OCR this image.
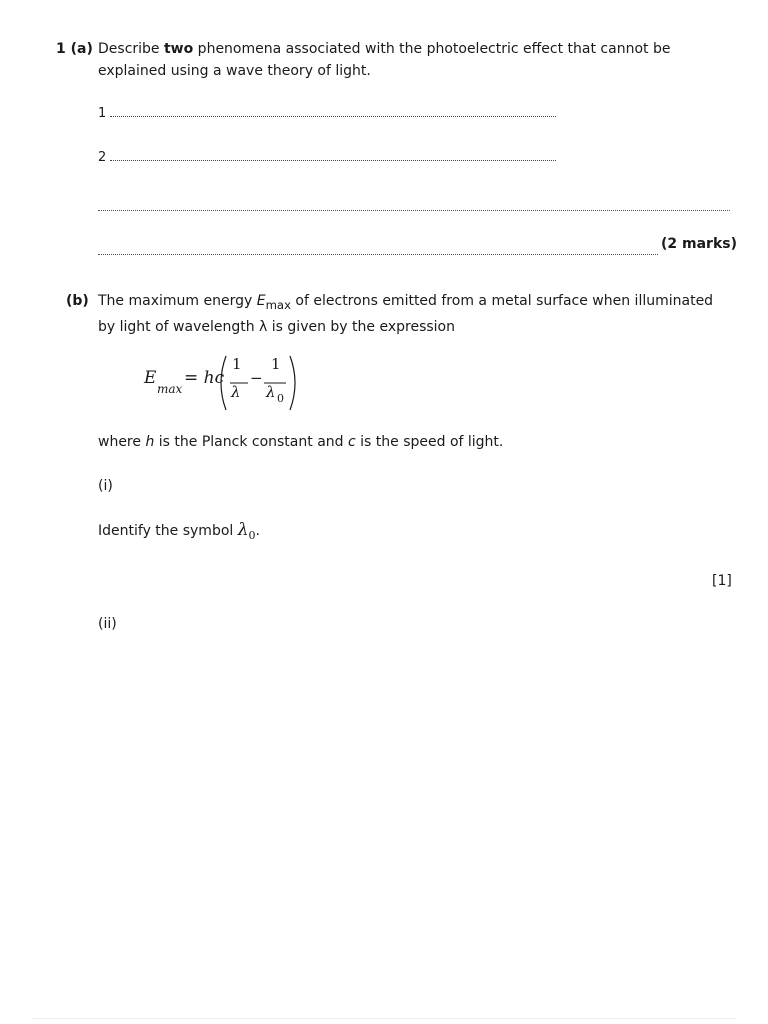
1 (a) Describe two phenomena associated with the photoelectric effect that cannot be explained using a wave theory of light.
1
2
(2 marks)
(b) The maximum energy $E_{max}$ of electrons emitted from a metal surface when illuminated by light of wavelength λ is given by the expression
E
max
= hc
1
λ
−
1
λ 0
where h is the Planck constant and c is the speed of light.
(i)
Identify the symbol $\lambda_0$.
[1]
(ii)
